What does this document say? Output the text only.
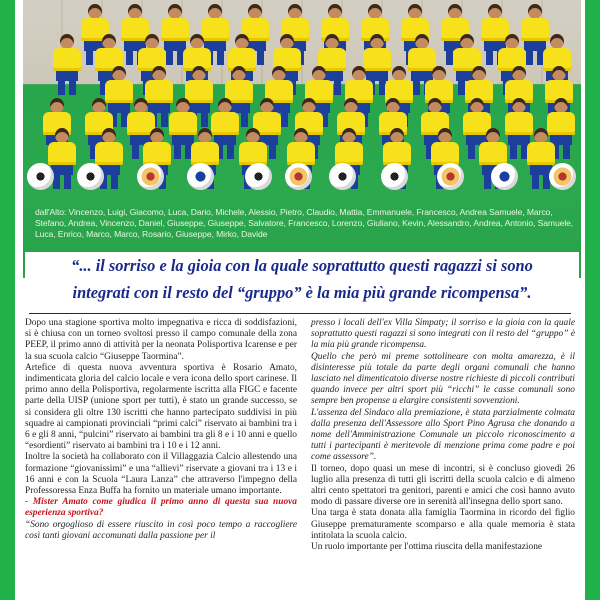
dall'Alto: Vincenzo, Luigi, Giacomo, Luca, Dario, Michele, Alessio, Pietro, Claudio, Mattia, Emmanuele, Francesco, Andrea Samuele, Marco, Stefano, Andrea, Vincenzo, Daniel, Giuseppe, Giuseppe, Salvatore, Francesco, Lorenzo, Giuliano, Kevin, Alessandro, Andrea, Antonio, Samuele, Luca, Enrico, Marco, Marco, Rosario, Giuseppe, Mirko, Davide
“... il sorriso e la gioia con la quale soprattutto questi ragazzi si sono
integrati con il resto del “gruppo” è la mia più grande ricompensa”.

Dopo una stagione sportiva molto impegnativa e ricca di soddisfazioni, si è chiusa con un torneo svoltosi presso il campo comunale della zona PEEP, il primo anno di attività per la neonata Polisportiva Icarense e per la sua scuola calcio “Giuseppe Taormina”.

Artefice di questa nuova avventura sportiva è Rosario Amato, indimenticata gloria del calcio locale e vera icona dello sport carinese. Il primo anno della Polisportiva, regolarmente iscritta alla FIGC e facente parte della UISP (unione sport per tutti), è stato un grande successo, se si considera gli oltre 130 iscritti che hanno partecipato suddivisi in più squadre ai campionati provinciali “primi calci” riservato ai bambini tra i 6 e gli 8 anni, “pulcini” riservato ai bambini tra gli 8 e i 10 anni e quello “esordienti” riservato ai bambini tra i 10 e i 12 anni.

Inoltre la società ha collaborato con il Villaggazia Calcio allestendo una formazione “giovanissimi” e una “allievi” riservate a giovani tra i 13 e i 16 anni e con la Scuola “Laura Lanza” che attraverso l'impegno della Professoressa Enza Buffa ha fornito un materiale umano importante.

- Mister Amato come giudica il primo anno di questa sua nuova esperienza sportiva?

“Sono orgoglioso di essere riuscito in così poco tempo a raccogliere così tanti giovani accomunati dalla passione per il

presso i locali dell'ex Villa Simpaty; il sorriso e la gioia con la quale soprattutto questi ragazzi si sono integrati con il resto del “gruppo” è la mia più grande ricompensa.

Quello che però mi preme sottolineare con molta amarezza, è il disinteresse più totale da parte degli organi comunali che hanno lasciato nel dimenticatoio diverse nostre richieste di piccoli contributi quando invece per altri sport più “ricchi” le casse comunali sono sempre ben propense a elargire consistenti sovvenzioni.

L'assenza del Sindaco alla premiazione, è stata parzialmente colmata dalla presenza dell'Assessore allo Sport Pino Agrusa che donando a nome dell'Amministrazione Comunale un piccolo riconoscimento a tutti i partecipanti è meritevole di menzione prima come padre e poi come assessore”.

Il torneo, dopo quasi un mese di incontri, si è concluso giovedì 26 luglio alla presenza di tutti gli iscritti della scuola calcio e di almeno altri cento spettatori tra genitori, parenti e amici che così hanno avuto modo di passare diverse ore in serenità all'insegna dello sport sano.

Una targa è stata donata alla famiglia Taormina in ricordo del figlio Giuseppe prematuramente scomparso e alla quale memoria è stata intitolata la scuola calcio.

Un ruolo importante per l'ottima riuscita della manifestazione
